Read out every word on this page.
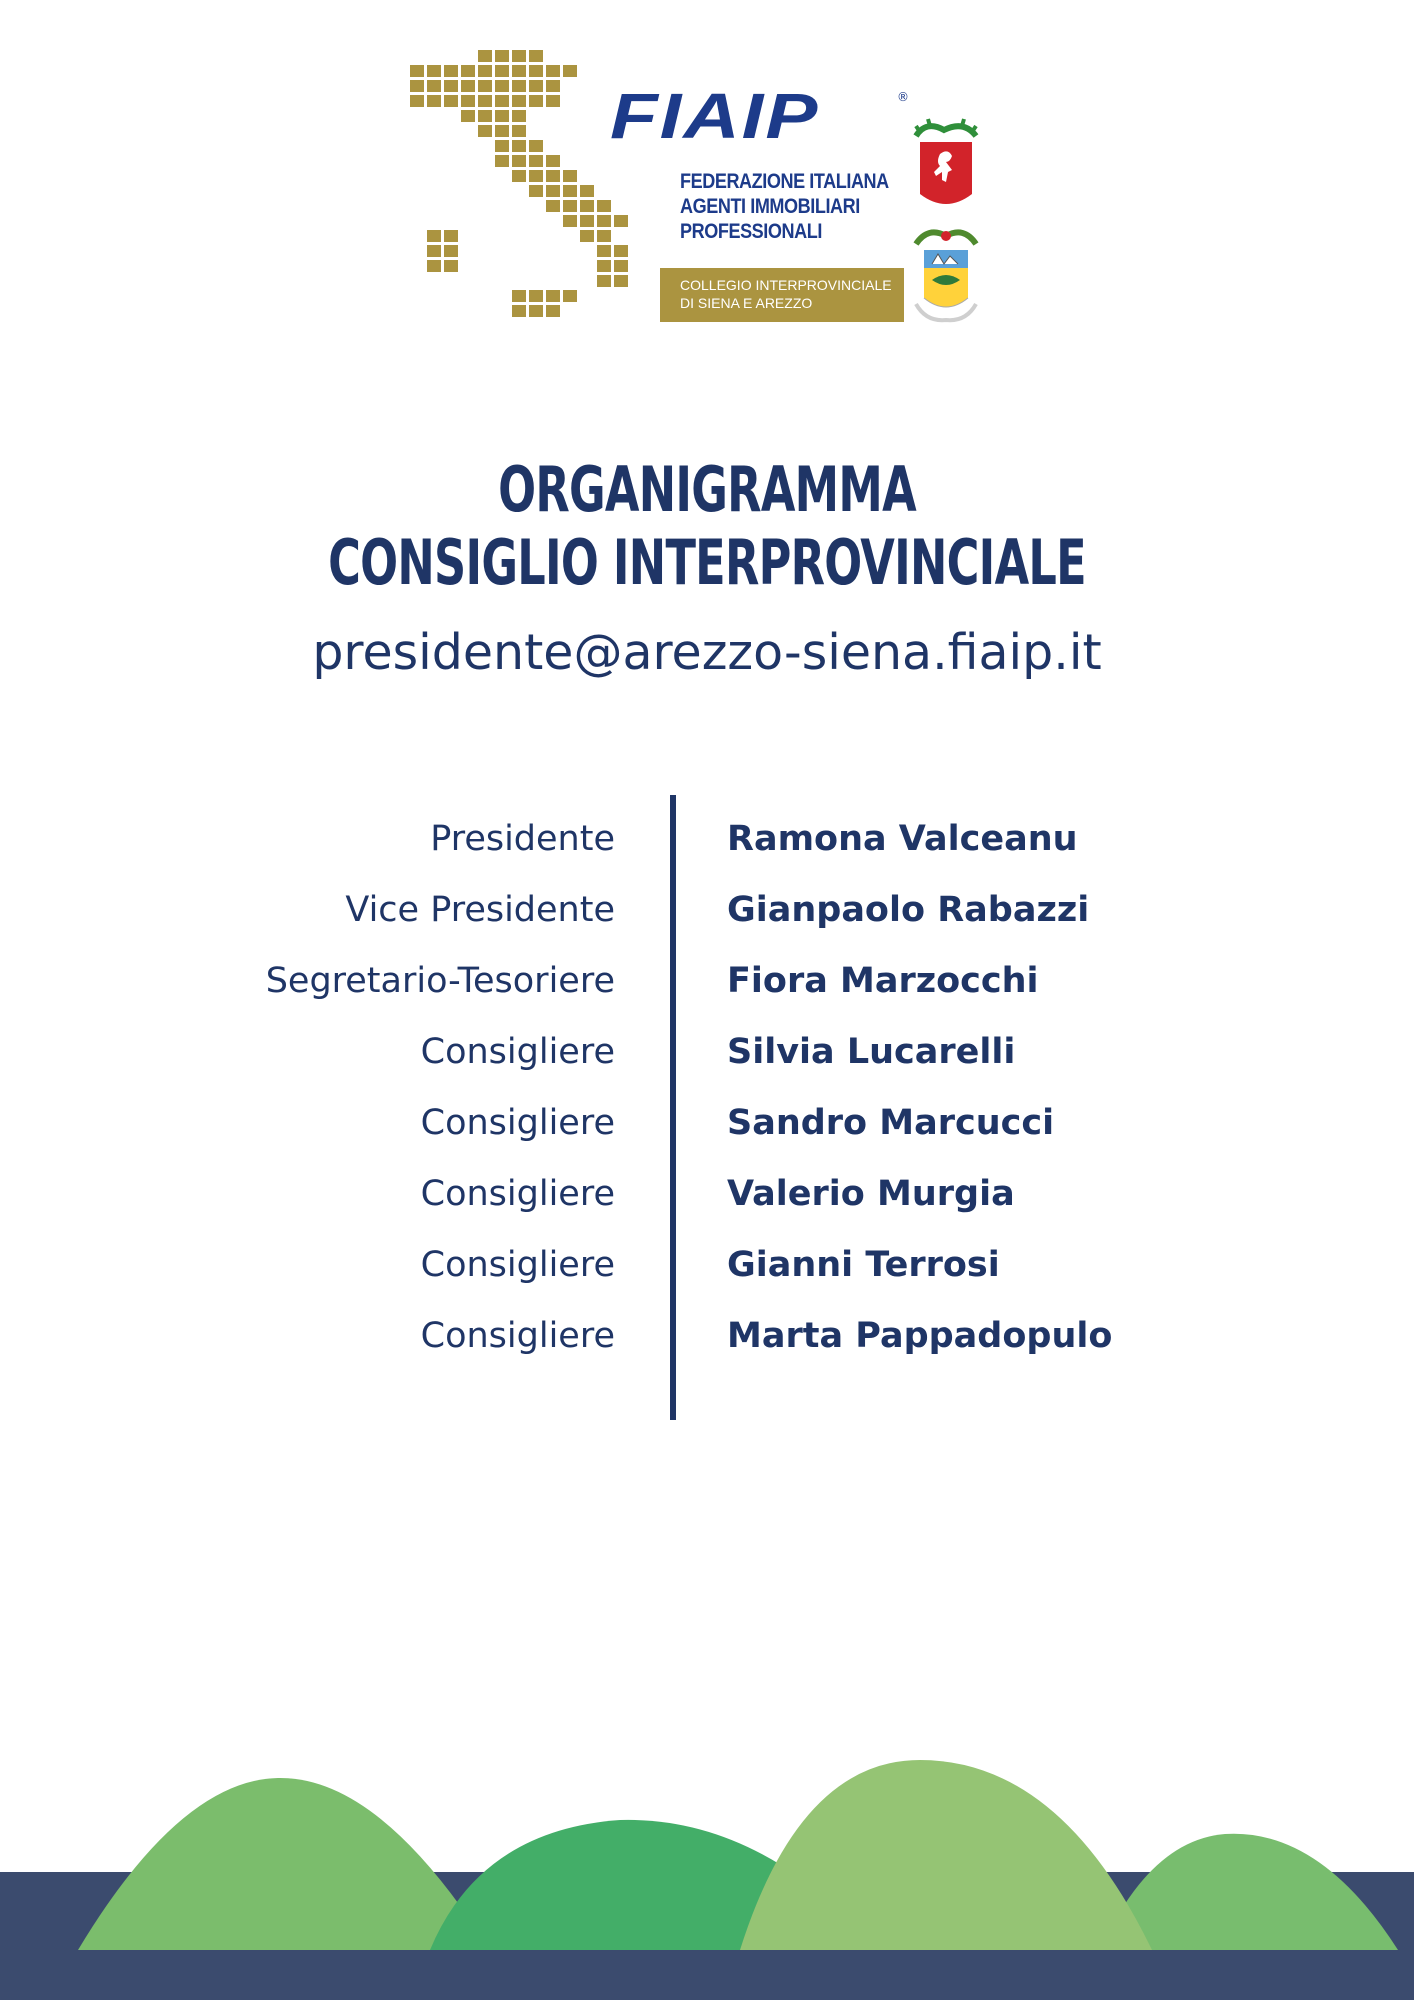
FIAIP	®
FEDERAZIONE ITALIANA
AGENTI IMMOBILIARI
PROFESSIONALI
COLLEGIO INTERPROVINCIALE
DI SIENA E AREZZO
ORGANIGRAMMA
CONSIGLIO INTERPROVINCIALE
presidente@arezzo-siena.fiaip.it
Presidente
Vice Presidente
Segretario-Tesoriere
Consigliere
Consigliere
Consigliere
Consigliere
Consigliere
Ramona Valceanu
Gianpaolo Rabazzi
Fiora Marzocchi
Silvia Lucarelli
Sandro Marcucci
Valerio Murgia
Gianni Terrosi
Marta Pappadopulo
